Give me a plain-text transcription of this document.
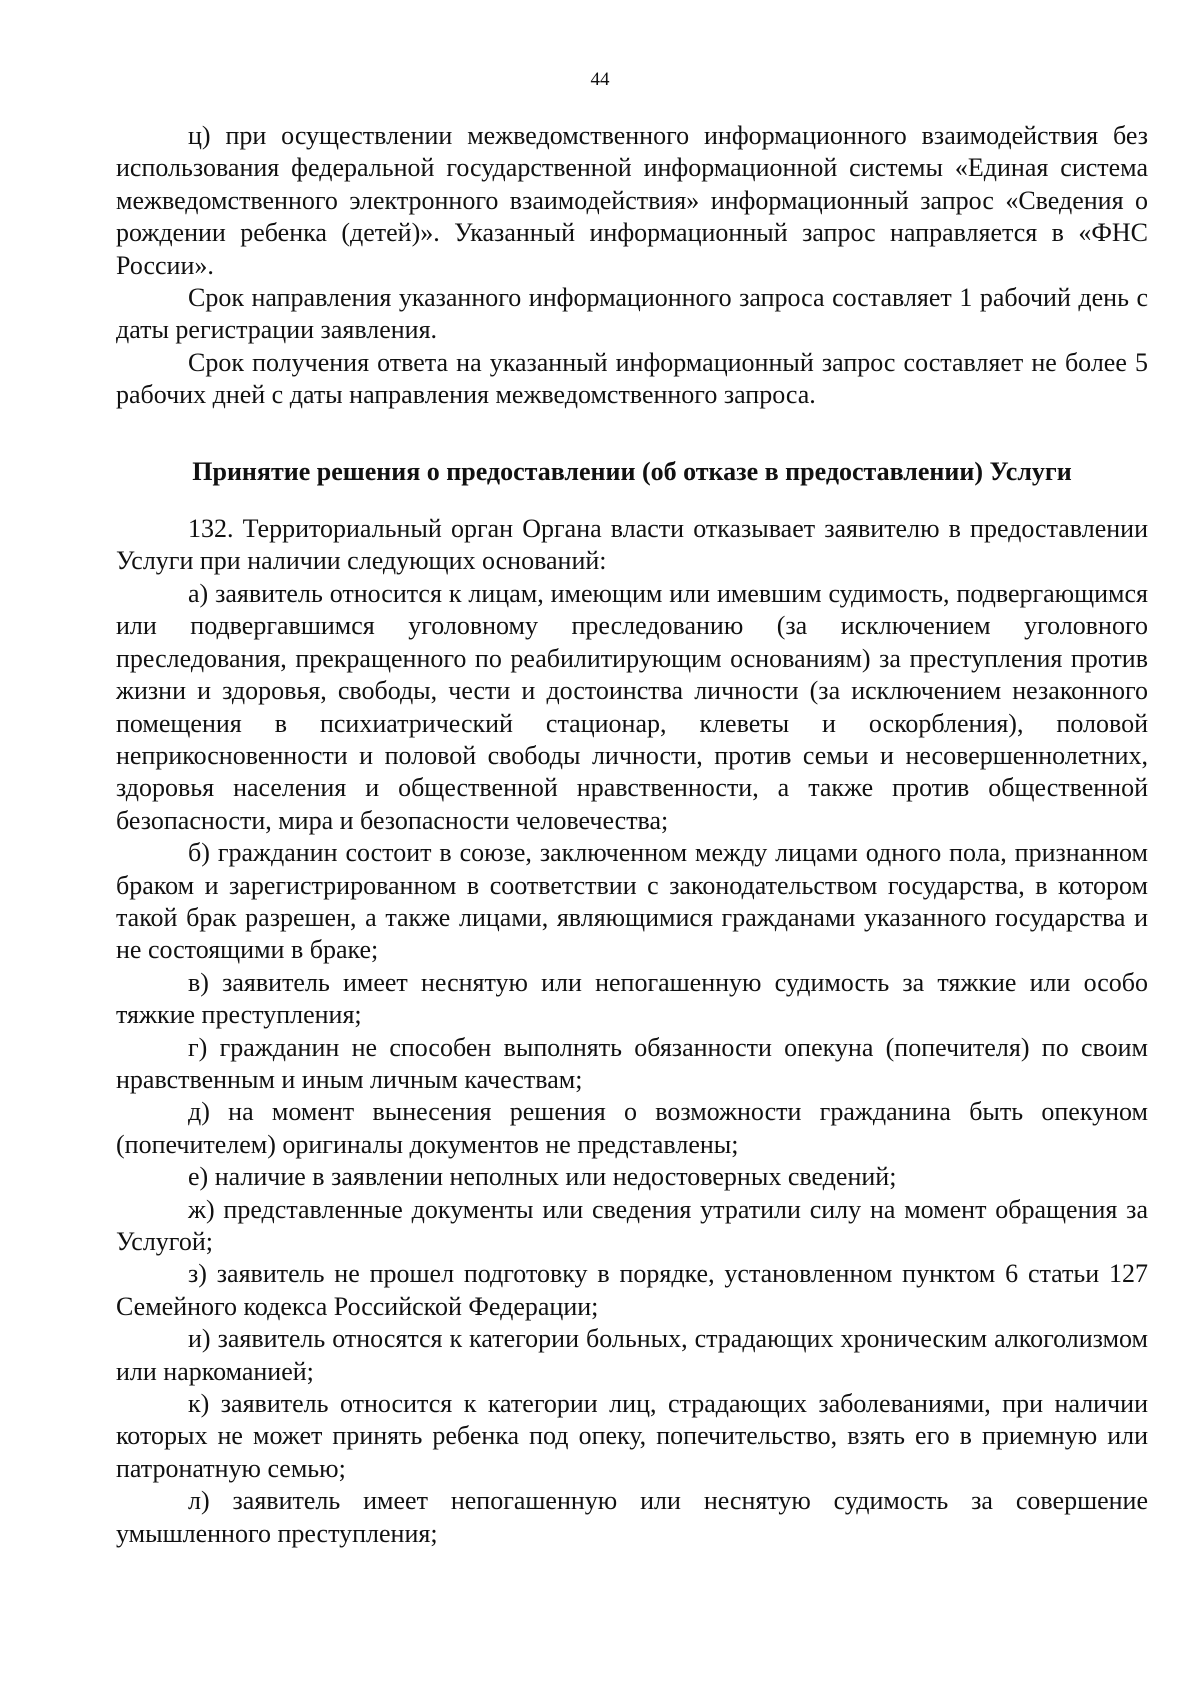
44

ц) при осуществлении межведомственного информационного взаимодействия без использования федеральной государственной информационной системы «Единая система межведомственного электронного взаимодействия» информационный запрос «Сведения о рождении ребенка (детей)». Указанный информационный запрос направляется в «ФНС России».

Срок направления указанного информационного запроса составляет 1 рабочий день с даты регистрации заявления.

Срок получения ответа на указанный информационный запрос составляет не более 5 рабочих дней с даты направления межведомственного запроса.

Принятие решения о предоставлении (об отказе в предоставлении) Услуги

132. Территориальный орган Органа власти отказывает заявителю в предоставлении Услуги при наличии следующих оснований:

а) заявитель относится к лицам, имеющим или имевшим судимость, подвергающимся или подвергавшимся уголовному преследованию (за исключением уголовного преследования, прекращенного по реабилитирующим основаниям) за преступления против жизни и здоровья, свободы, чести и достоинства личности (за исключением незаконного помещения в психиатрический стационар, клеветы и оскорбления), половой неприкосновенности и половой свободы личности, против семьи и несовершеннолетних, здоровья населения и общественной нравственности, а также против общественной безопасности, мира и безопасности человечества;

б) гражданин состоит в союзе, заключенном между лицами одного пола, признанном браком и зарегистрированном в соответствии с законодательством государства, в котором такой брак разрешен, а также лицами, являющимися гражданами указанного государства и не состоящими в браке;

в) заявитель имеет неснятую или непогашенную судимость за тяжкие или особо тяжкие преступления;

г) гражданин не способен выполнять обязанности опекуна (попечителя) по своим нравственным и иным личным качествам;

д) на момент вынесения решения о возможности гражданина быть опекуном (попечителем) оригиналы документов не представлены;

е) наличие в заявлении неполных или недостоверных сведений;

ж) представленные документы или сведения утратили силу на момент обращения за Услугой;

з) заявитель не прошел подготовку в порядке, установленном пунктом 6 статьи 127 Семейного кодекса Российской Федерации;

и) заявитель относятся к категории больных, страдающих хроническим алкоголизмом или наркоманией;

к) заявитель относится к категории лиц, страдающих заболеваниями, при наличии которых не может принять ребенка под опеку, попечительство, взять его в приемную или патронатную семью;

л) заявитель имеет непогашенную или неснятую судимость за совершение умышленного преступления;
